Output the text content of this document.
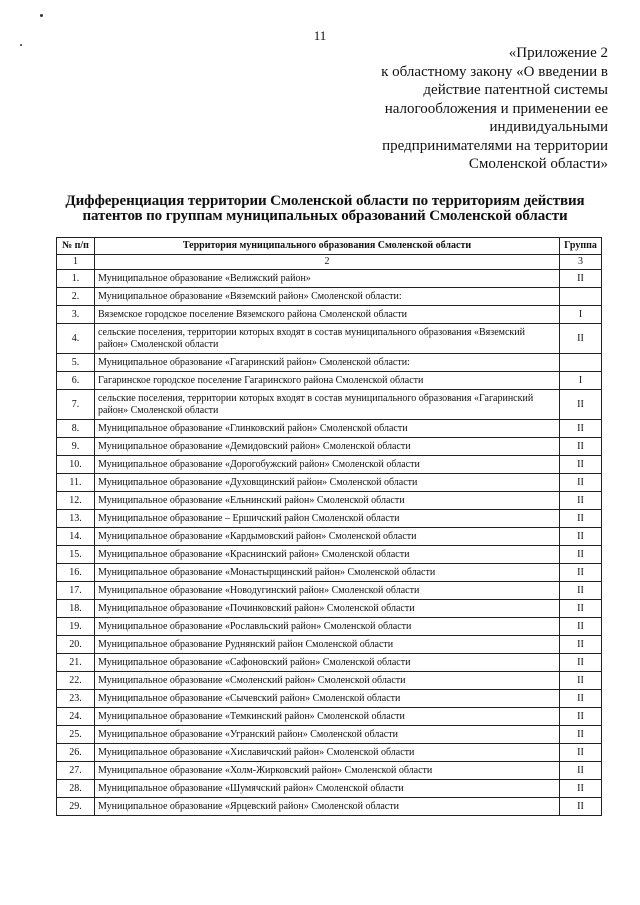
11
«Приложение 2
к областному закону «О введении в
действие патентной системы
налогообложения и применении ее
индивидуальными
предпринимателями на территории
Смоленской области»
Дифференциация территории Смоленской области по территориям действия
патентов по группам муниципальных образований Смоленской области
№ п/п	Территория муниципального образования Смоленской области	Группа
1	2	3
1.	Муниципальное образование «Велижский район»	II
2.	Муниципальное образование «Вяземский район» Смоленской области:	
3.	Вяземское городское поселение Вяземского района Смоленской области	I
4.	сельские поселения, территории которых входят в состав муниципального образования «Вяземский район» Смоленской области	II
5.	Муниципальное образование «Гагаринский район» Смоленской области:	
6.	Гагаринское городское поселение Гагаринского района Смоленской области	I
7.	сельские поселения, территории которых входят в состав муниципального образования «Гагаринский район» Смоленской области	II
8.	Муниципальное образование «Глинковский район» Смоленской области	II
9.	Муниципальное образование «Демидовский район» Смоленской области	II
10.	Муниципальное образование «Дорогобужский район» Смоленской области	II
11.	Муниципальное образование «Духовщинский район» Смоленской области	II
12.	Муниципальное образование «Ельнинский район» Смоленской области	II
13.	Муниципальное образование – Ершичский район Смоленской области	II
14.	Муниципальное образование «Кардымовский район» Смоленской области	II
15.	Муниципальное образование «Краснинский район» Смоленской области	II
16.	Муниципальное образование «Монастырщинский район» Смоленской области	II
17.	Муниципальное образование «Новодугинский район» Смоленской области	II
18.	Муниципальное образование «Починковский район» Смоленской области	II
19.	Муниципальное образование «Рославльский район» Смоленской области	II
20.	Муниципальное образование Руднянский район Смоленской области	II
21.	Муниципальное образование «Сафоновский район» Смоленской области	II
22.	Муниципальное образование «Смоленский район» Смоленской области	II
23.	Муниципальное образование «Сычевский район» Смоленской области	II
24.	Муниципальное образование «Темкинский район» Смоленской области	II
25.	Муниципальное образование «Угранский район» Смоленской области	II
26.	Муниципальное образование «Хиславичский район» Смоленской области	II
27.	Муниципальное образование «Холм-Жирковский район» Смоленской области	II
28.	Муниципальное образование «Шумячский район» Смоленской области	II
29.	Муниципальное образование «Ярцевский район» Смоленской области	II
